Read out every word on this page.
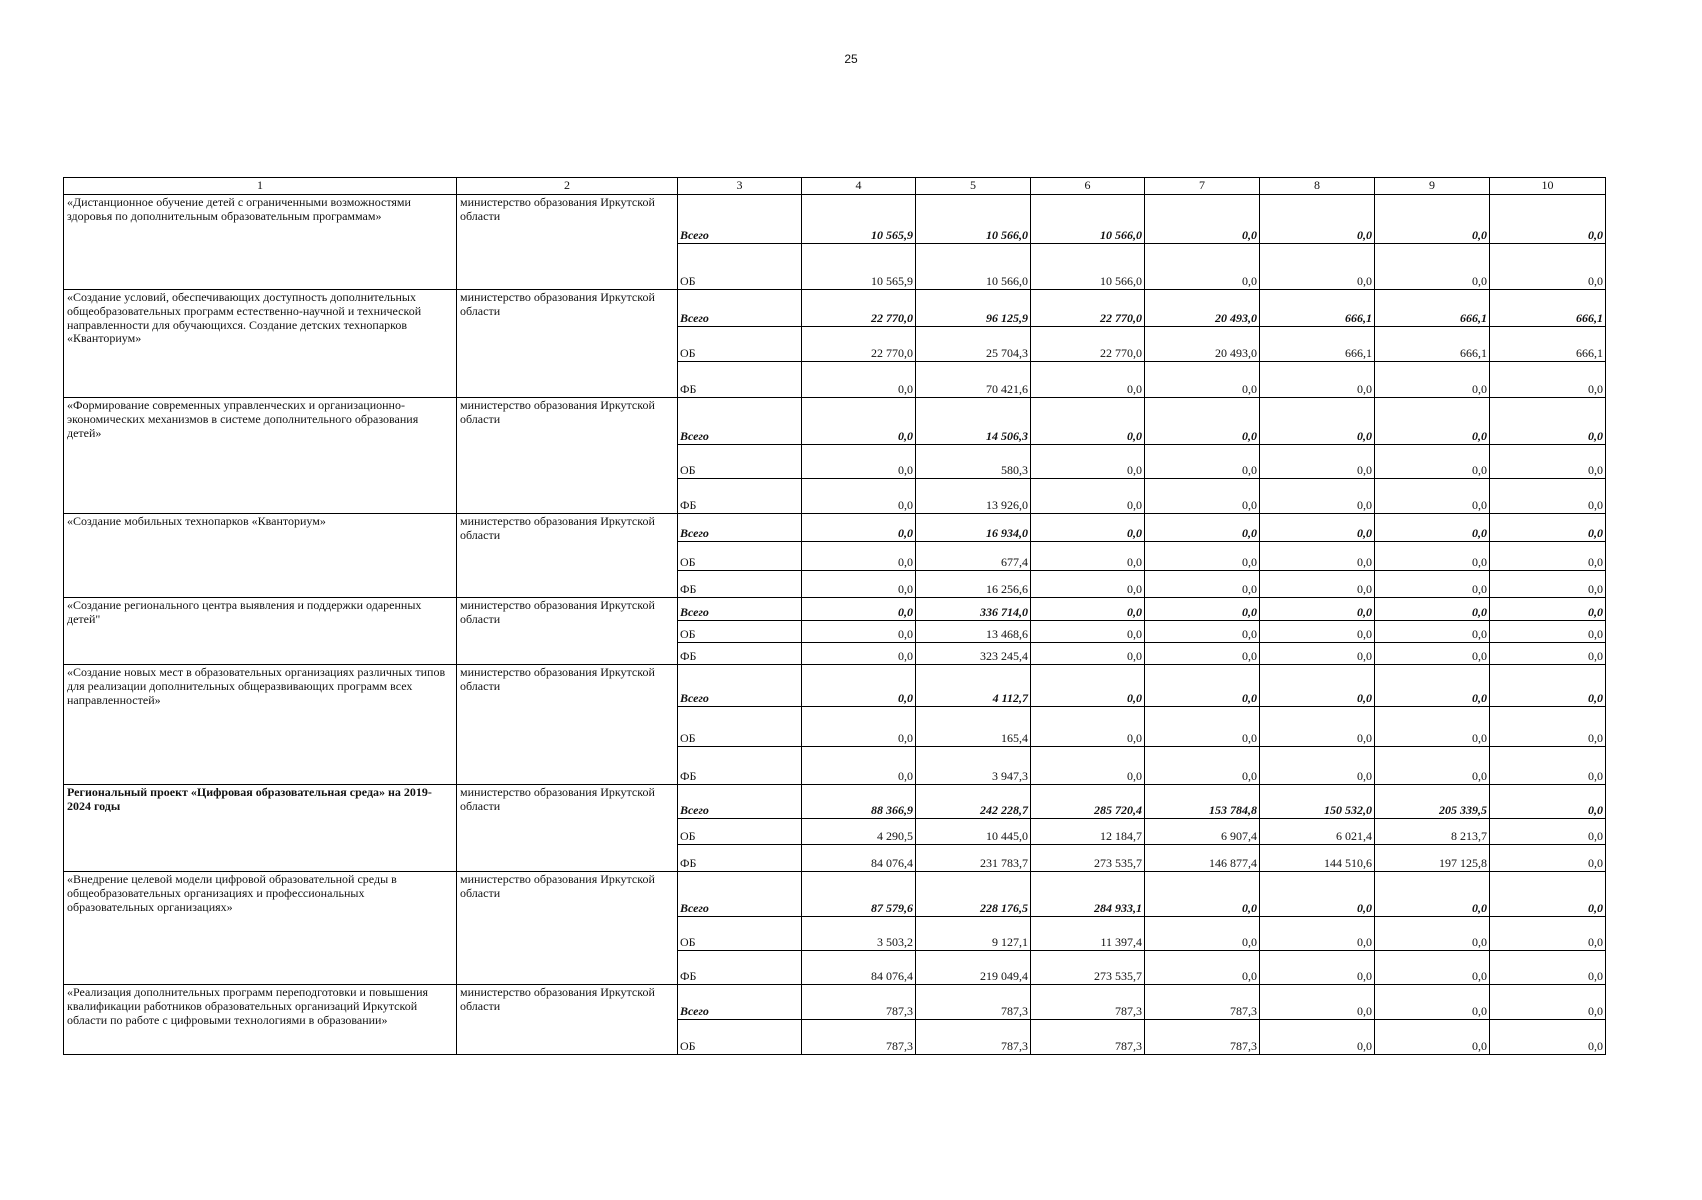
25
1	2	3	4	5	6	7	8	9	10
«Дистанционное обучение детей с ограниченными возможностями здоровья по дополнительным образовательным программам»	министерство образования Иркутской области	Всего	10 565,9	10 566,0	10 566,0	0,0	0,0	0,0	0,0
		ОБ	10 565,9	10 566,0	10 566,0	0,0	0,0	0,0	0,0
«Создание условий, обеспечивающих доступность дополнительных общеобразовательных программ естественно-научной и технической направленности для обучающихся. Создание детских технопарков «Кванториум»	министерство образования Иркутской области	Всего	22 770,0	96 125,9	22 770,0	20 493,0	666,1	666,1	666,1
		ОБ	22 770,0	25 704,3	22 770,0	20 493,0	666,1	666,1	666,1
		ФБ	0,0	70 421,6	0,0	0,0	0,0	0,0	0,0
«Формирование современных управленческих и организационно-экономических механизмов в системе дополнительного образования детей»	министерство образования Иркутской области	Всего	0,0	14 506,3	0,0	0,0	0,0	0,0	0,0
		ОБ	0,0	580,3	0,0	0,0	0,0	0,0	0,0
		ФБ	0,0	13 926,0	0,0	0,0	0,0	0,0	0,0
«Создание мобильных технопарков «Кванториум»	министерство образования Иркутской области	Всего	0,0	16 934,0	0,0	0,0	0,0	0,0	0,0
		ОБ	0,0	677,4	0,0	0,0	0,0	0,0	0,0
		ФБ	0,0	16 256,6	0,0	0,0	0,0	0,0	0,0
«Создание регионального центра выявления и поддержки одаренных детей"	министерство образования Иркутской области	Всего	0,0	336 714,0	0,0	0,0	0,0	0,0	0,0
		ОБ	0,0	13 468,6	0,0	0,0	0,0	0,0	0,0
		ФБ	0,0	323 245,4	0,0	0,0	0,0	0,0	0,0
«Создание новых мест в образовательных организациях различных типов для реализации дополнительных общеразвивающих программ всех направленностей»	министерство образования Иркутской области	Всего	0,0	4 112,7	0,0	0,0	0,0	0,0	0,0
		ОБ	0,0	165,4	0,0	0,0	0,0	0,0	0,0
		ФБ	0,0	3 947,3	0,0	0,0	0,0	0,0	0,0
Региональный проект «Цифровая образовательная среда» на 2019-2024 годы	министерство образования Иркутской области	Всего	88 366,9	242 228,7	285 720,4	153 784,8	150 532,0	205 339,5	0,0
		ОБ	4 290,5	10 445,0	12 184,7	6 907,4	6 021,4	8 213,7	0,0
		ФБ	84 076,4	231 783,7	273 535,7	146 877,4	144 510,6	197 125,8	0,0
«Внедрение целевой модели цифровой образовательной среды в общеобразовательных организациях и профессиональных образовательных организациях»	министерство образования Иркутской области	Всего	87 579,6	228 176,5	284 933,1	0,0	0,0	0,0	0,0
		ОБ	3 503,2	9 127,1	11 397,4	0,0	0,0	0,0	0,0
		ФБ	84 076,4	219 049,4	273 535,7	0,0	0,0	0,0	0,0
«Реализация дополнительных программ переподготовки и повышения квалификации работников образовательных организаций Иркутской области по работе с цифровыми технологиями в образовании»	министерство образования Иркутской области	Всего	787,3	787,3	787,3	787,3	0,0	0,0	0,0
		ОБ	787,3	787,3	787,3	787,3	0,0	0,0	0,0
